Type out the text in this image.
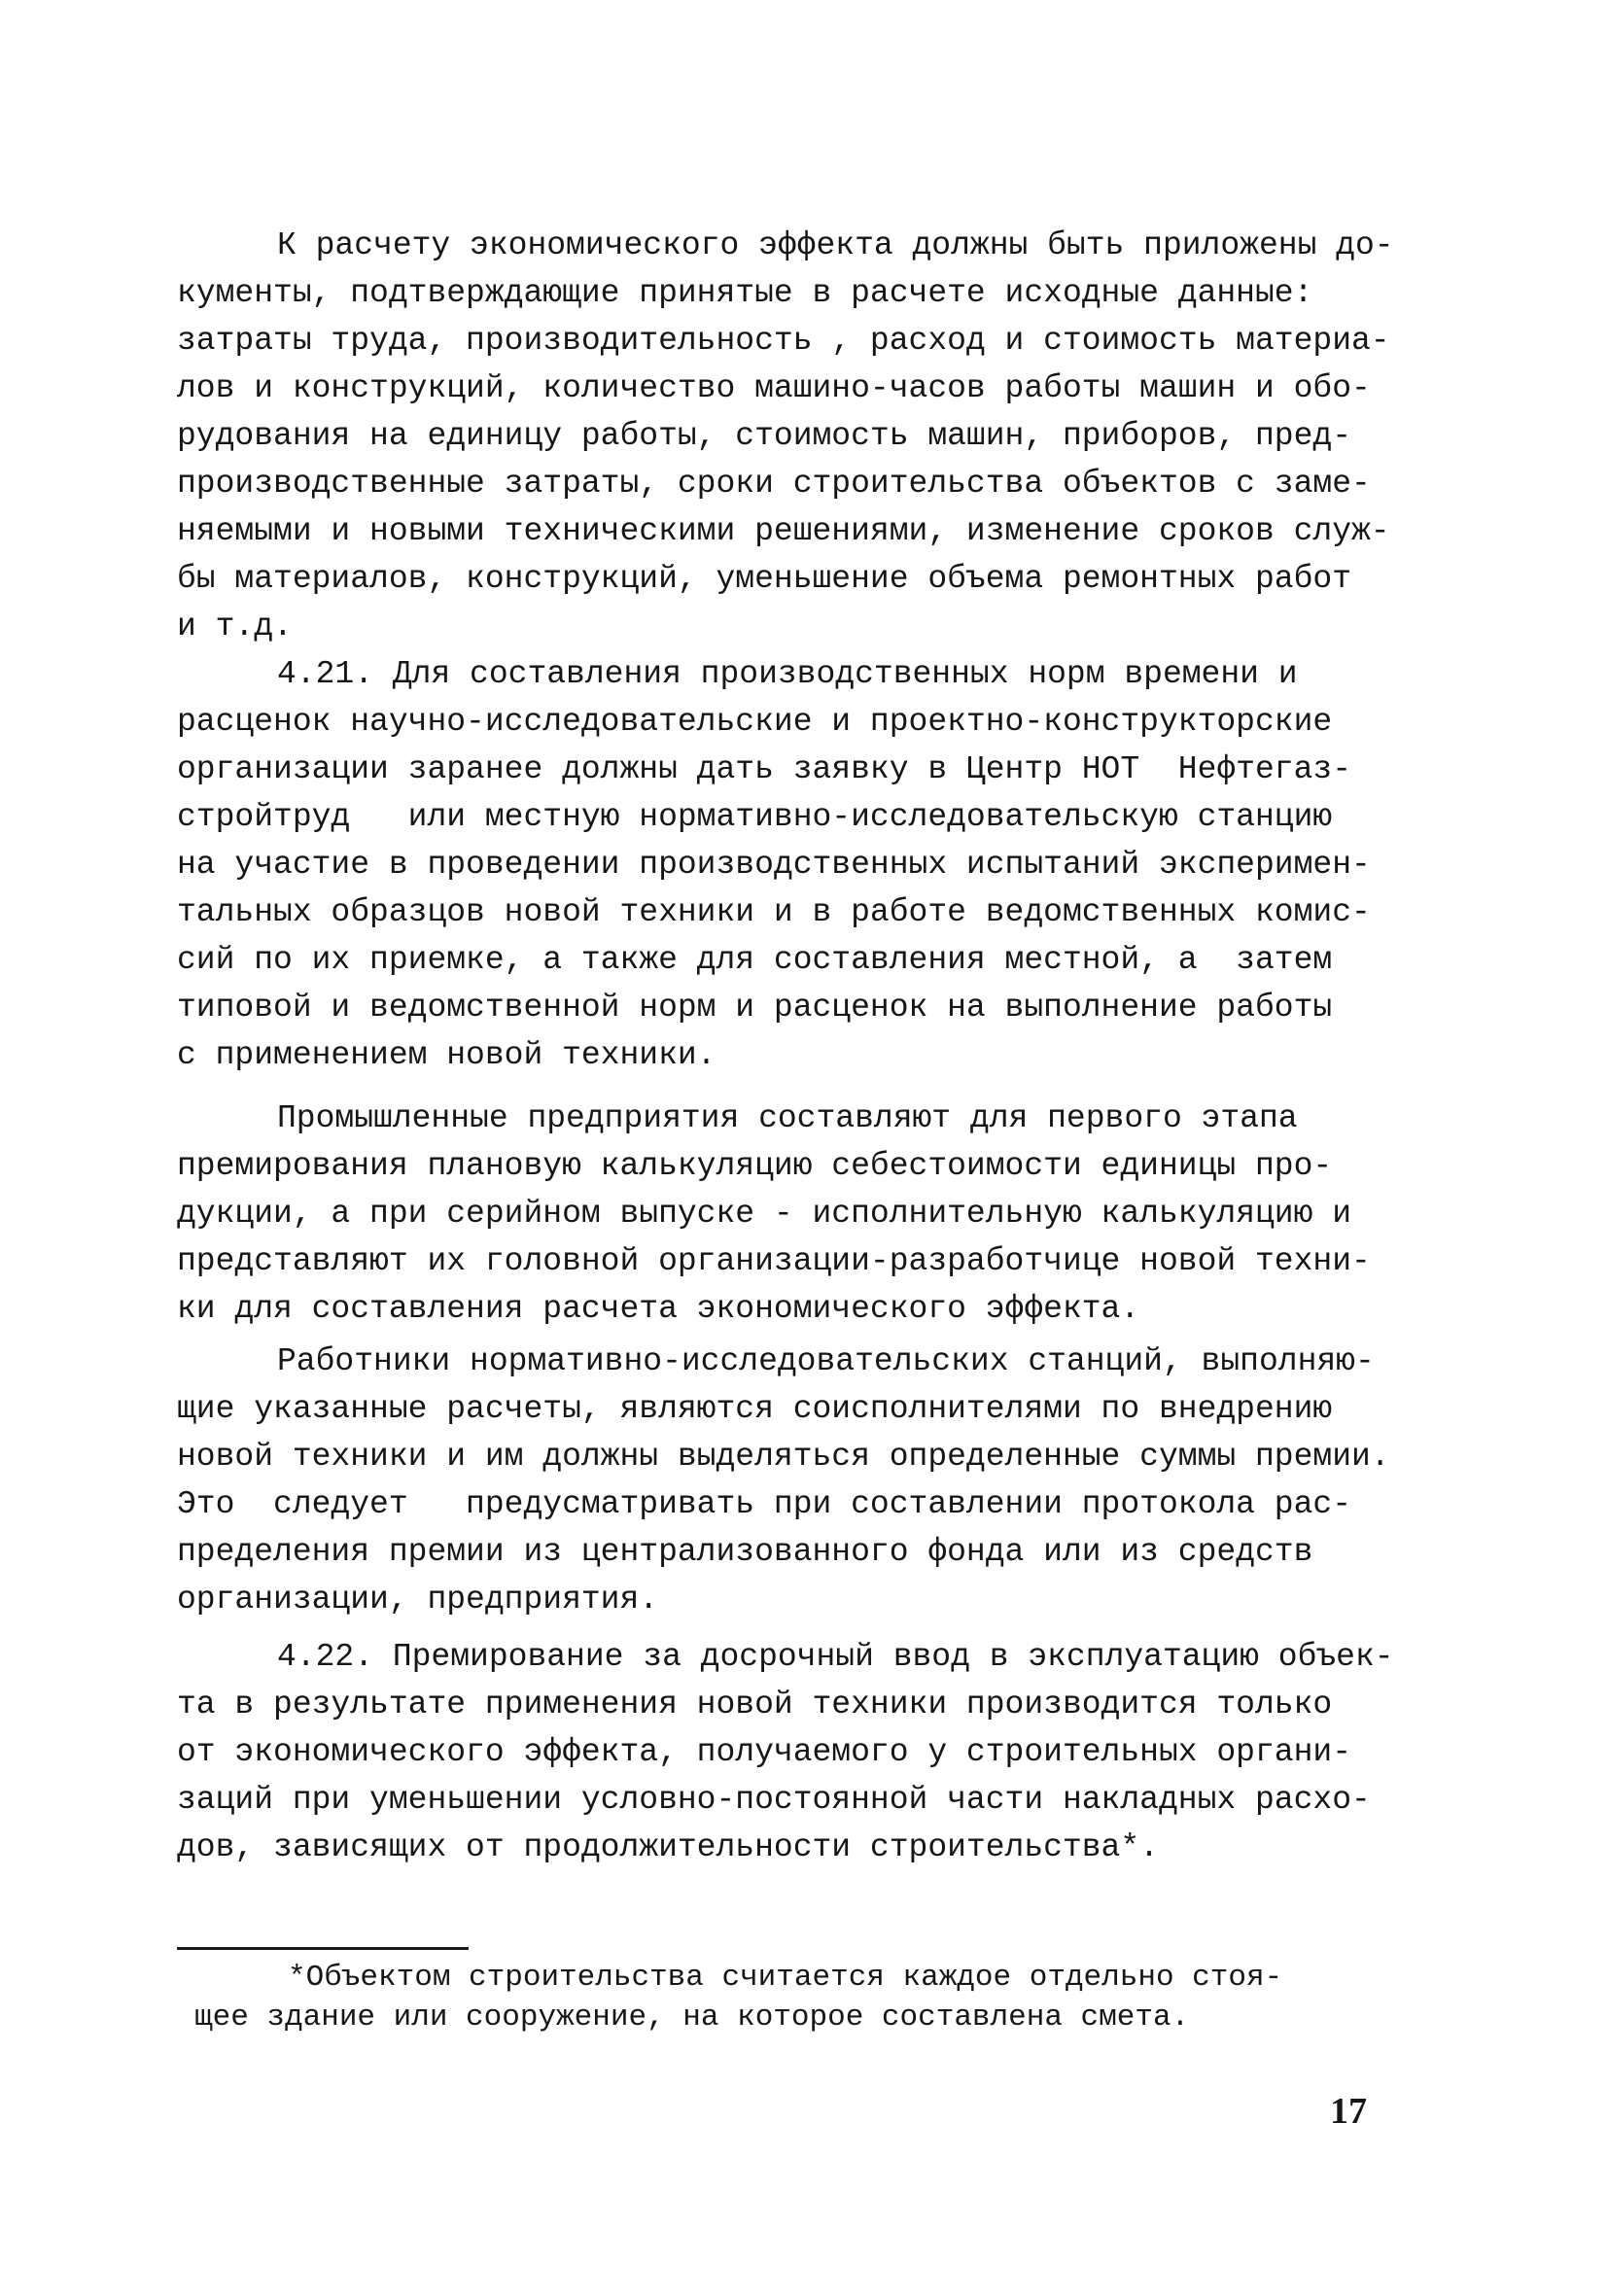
К расчету экономического эффекта должны быть приложены до-
кументы, подтверждающие принятые в расчете исходные данные:
затраты труда, производительность , расход и стоимость материа-
лов и конструкций, количество машино-часов работы машин и обо-
рудования на единицу работы, стоимость машин, приборов, пред-
производственные затраты, сроки строительства объектов с заме-
няемыми и новыми техническими решениями, изменение сроков служ-
бы материалов, конструкций, уменьшение объема ремонтных работ
и т.д.
4.21. Для составления производственных норм времени и
расценок научно-исследовательские и проектно-конструкторские
организации заранее должны дать заявку в Центр НОТ  Нефтегаз-
стройтруд   или местную нормативно-исследовательскую станцию
на участие в проведении производственных испытаний эксперимен-
тальных образцов новой техники и в работе ведомственных комис-
сий по их приемке, а также для составления местной, а  затем
типовой и ведомственной норм и расценок на выполнение работы
с применением новой техники.
Промышленные предприятия составляют для первого этапа
премирования плановую калькуляцию себестоимости единицы про-
дукции, а при серийном выпуске - исполнительную калькуляцию и
представляют их головной организации-разработчице новой техни-
ки для составления расчета экономического эффекта.
Работники нормативно-исследовательских станций, выполняю-
щие указанные расчеты, являются соисполнителями по внедрению
новой техники и им должны выделяться определенные суммы премии.
Это  следует   предусматривать при составлении протокола рас-
пределения премии из централизованного фонда или из средств
организации, предприятия.
4.22. Премирование за досрочный ввод в эксплуатацию объек-
та в результате применения новой техники производится только
от экономического эффекта, получаемого у строительных органи-
заций при уменьшении условно-постоянной части накладных расхо-
дов, зависящих от продолжительности строительства*.
*Объектом строительства считается каждое отдельно стоя-
щее здание или сооружение, на которое составлена смета.
17
